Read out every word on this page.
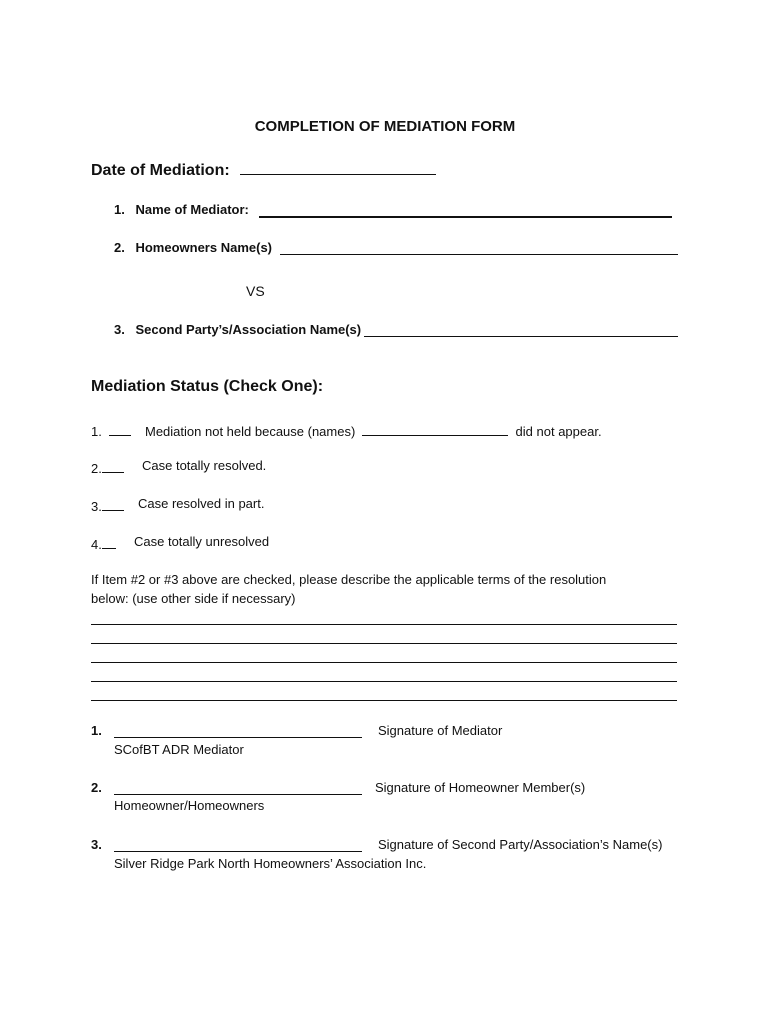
COMPLETION OF MEDIATION FORM
Date of Mediation:
1. Name of Mediator:
2. Homeowners Name(s)
VS
3. Second Party’s/Association Name(s)
Mediation Status (Check One):
1.	Mediation not held because (names)	did not appear.
2.	Case totally resolved.
3.	Case resolved in part.
4.	Case totally unresolved
If Item #2 or #3 above are checked, please describe the applicable terms of the resolution
below: (use other side if necessary)
1.	Signature of Mediator
SCofBT ADR Mediator
2.	Signature of Homeowner Member(s)
Homeowner/Homeowners
3.	Signature of Second Party/Association’s Name(s)
Silver Ridge Park North Homeowners’ Association Inc.
